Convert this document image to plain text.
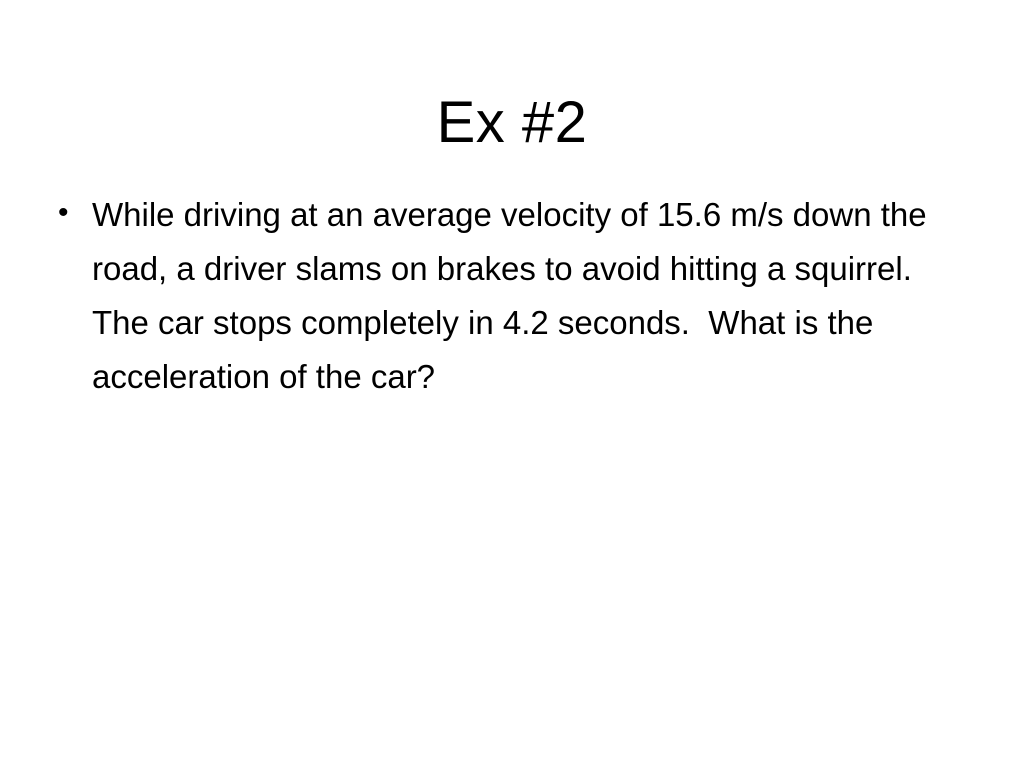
Ex #2
• While driving at an average velocity of 15.6 m/s down the road, a driver slams on brakes to avoid hitting a squirrel.  The car stops completely in 4.2 seconds.  What is the acceleration of the car?
